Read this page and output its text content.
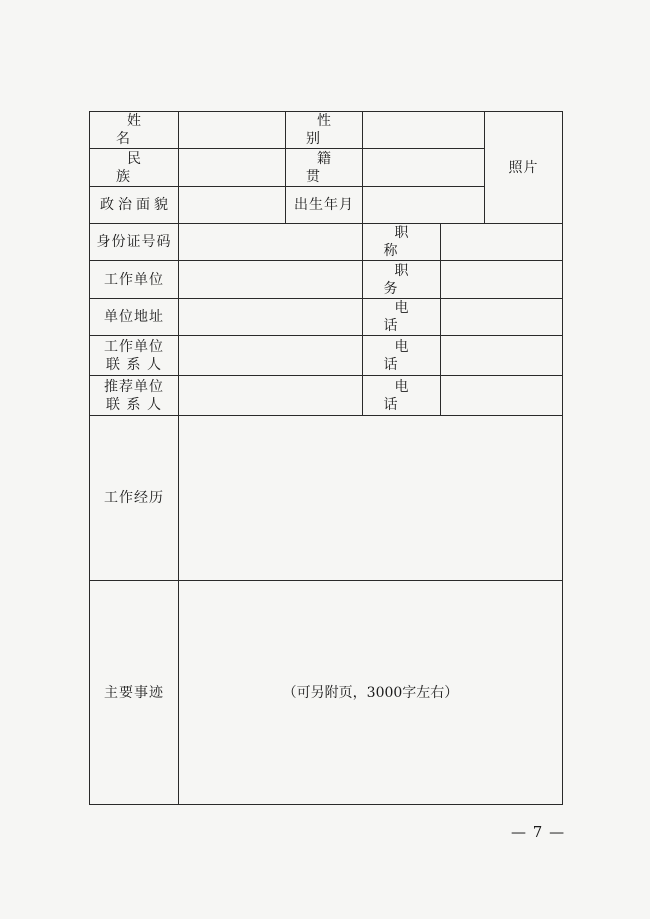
姓　名		性别			照片
民　族		籍贯			
政治面貌		出生年月			
身份证号码			职称		
工作单位			职务		
单位地址			电话		

工作单位
联 系 人			电话		

推荐单位
联 系 人			电话		
工作经历					
主要事迹	（可另附页，3000字左右）				
— 7 —
